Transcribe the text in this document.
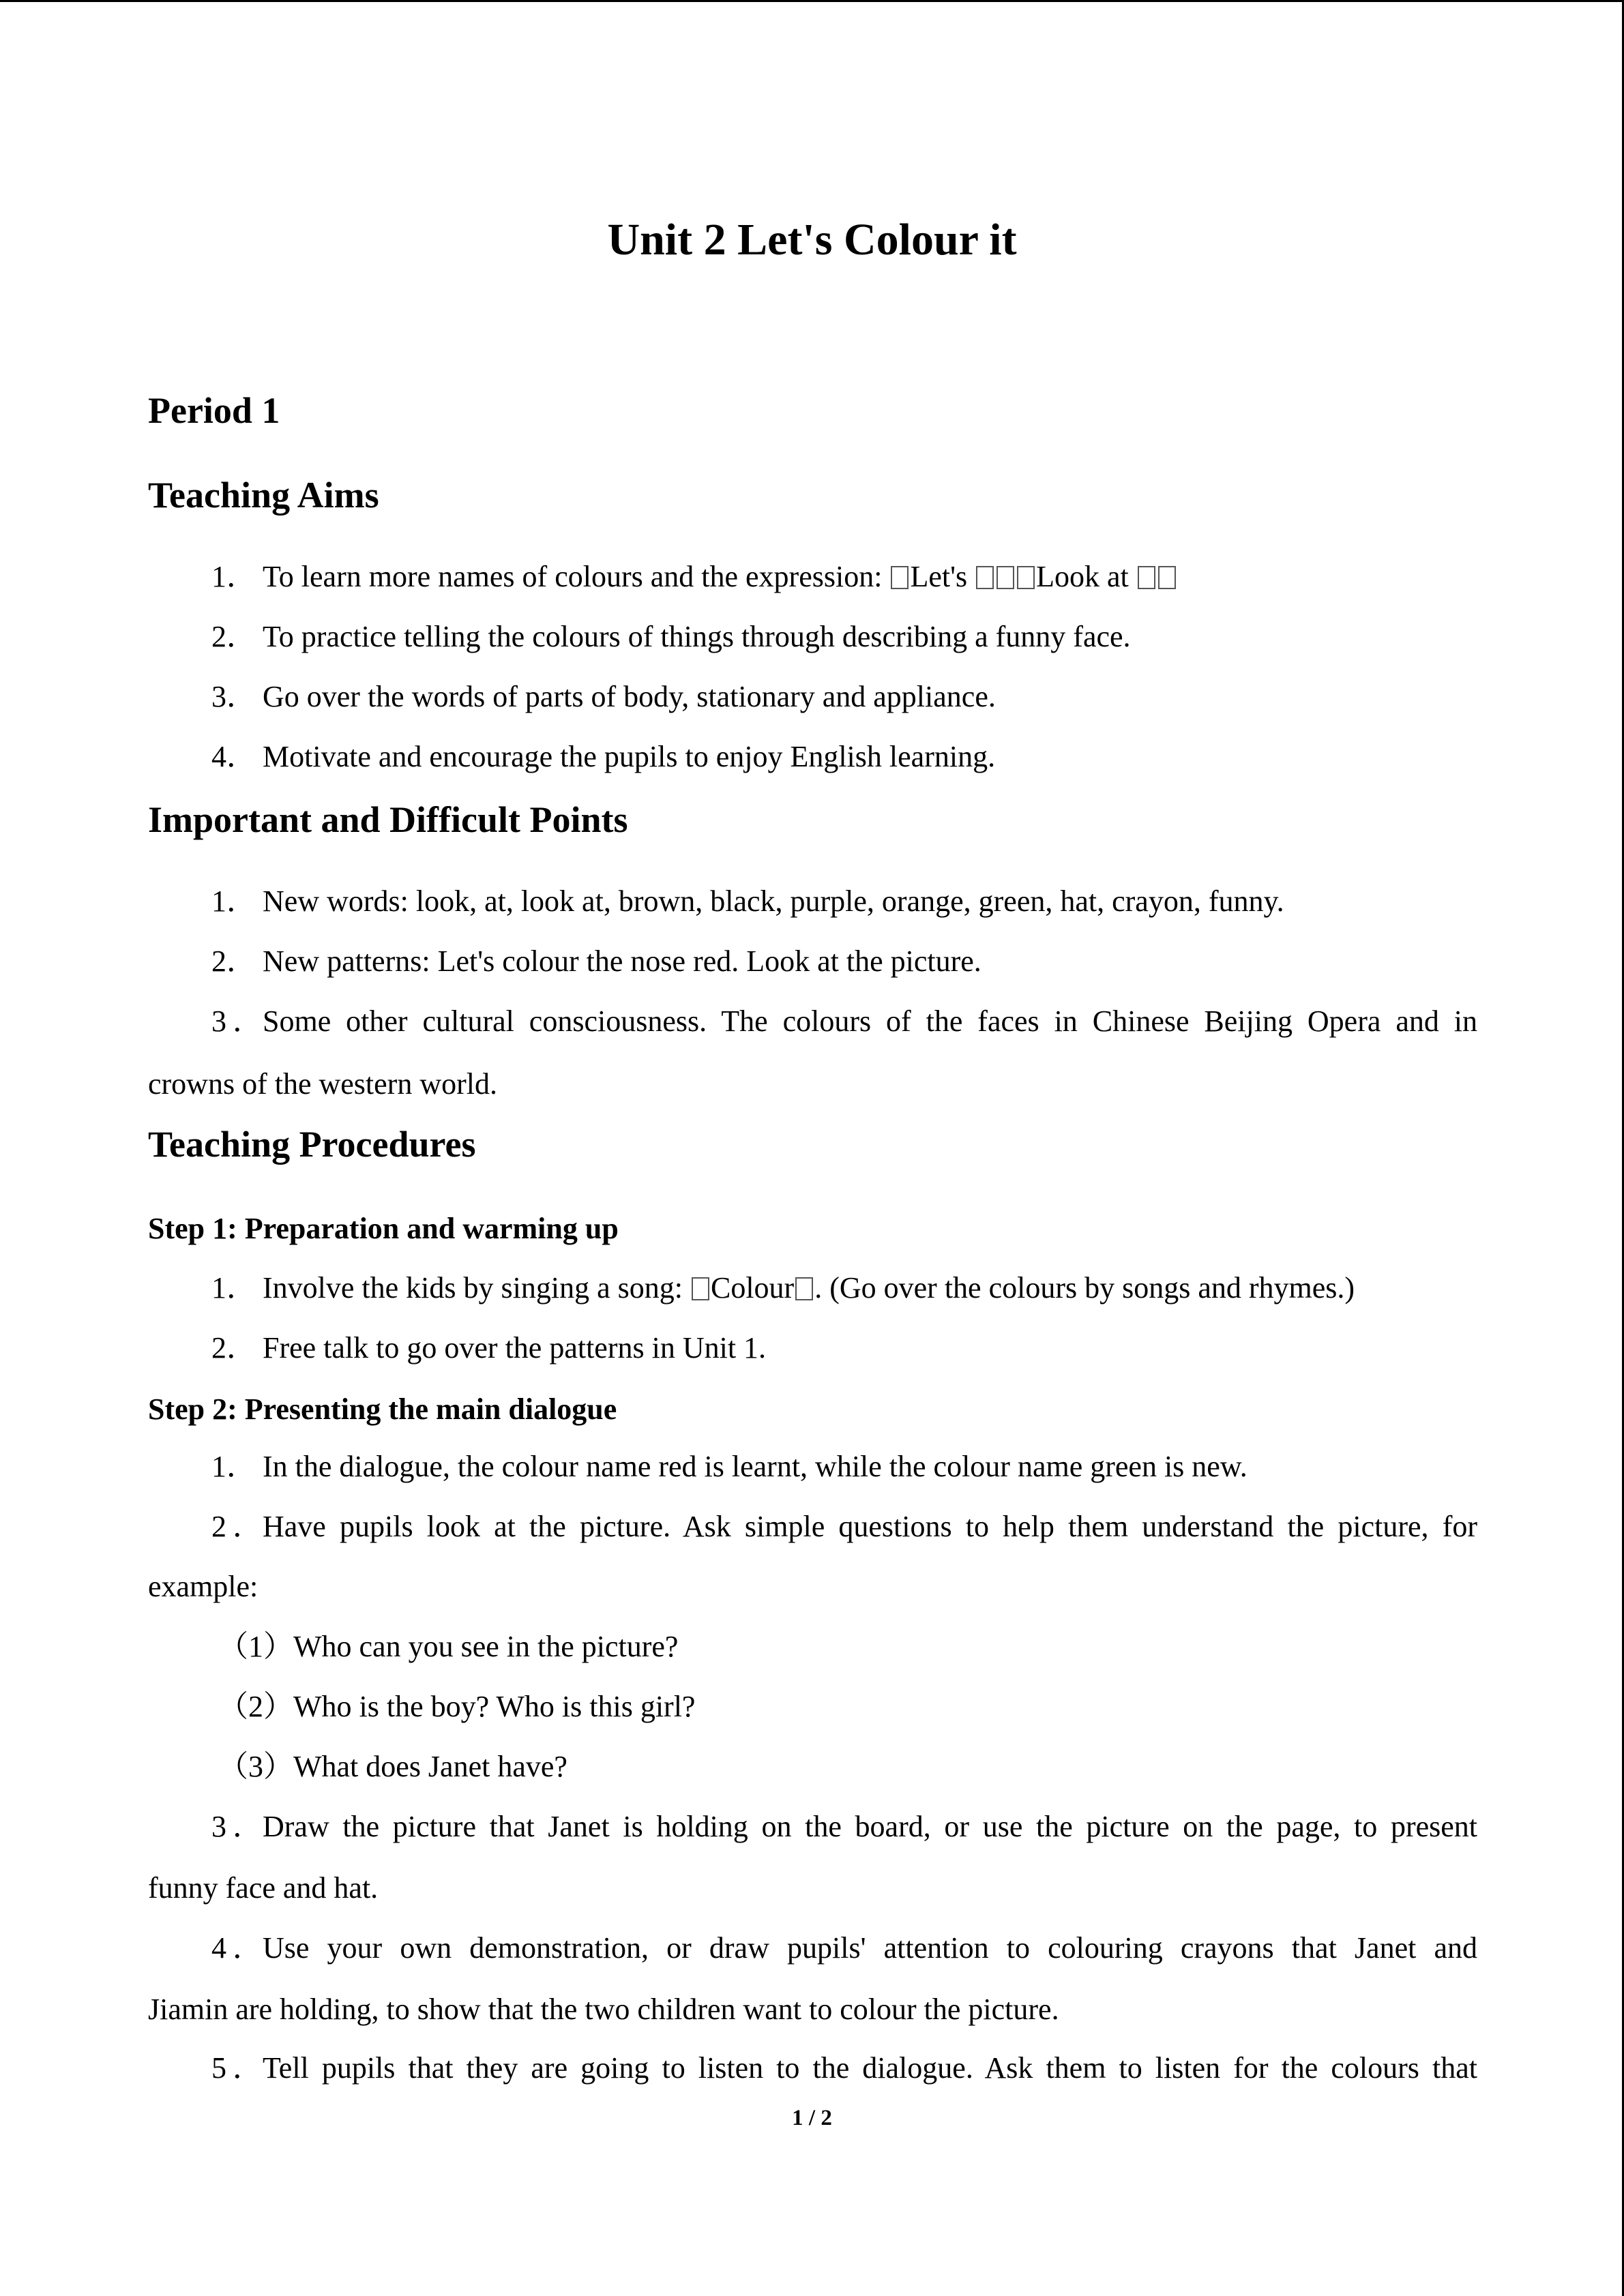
Unit 2 Let's Colour it
Period 1
Teaching Aims
1． To learn more names of colours and the expression: Let's Look at
2． To practice telling the colours of things through describing a funny face.
3． Go over the words of parts of body, stationary and appliance.
4． Motivate and encourage the pupils to enjoy English learning.
Important and Difficult Points
1． New words: look, at, look at, brown, black, purple, orange, green, hat, crayon, funny.
2． New patterns: Let's colour the nose red. Look at the picture.
3．Some other cultural consciousness. The colours of the faces in Chinese Beijing Opera and in
crowns of the western world.
Teaching Procedures
Step 1: Preparation and warming up
1． Involve the kids by singing a song: Colour . (Go over the colours by songs and rhymes.)
2． Free talk to go over the patterns in Unit 1.
Step 2: Presenting the main dialogue
1． In the dialogue, the colour name red is learnt, while the colour name green is new.
2．Have pupils look at the picture. Ask simple questions to help them understand the picture, for
example:
（1）Who can you see in the picture?
（2）Who is the boy? Who is this girl?
（3）What does Janet have?
3．Draw the picture that Janet is holding on the board, or use the picture on the page, to present
funny face and hat.
4．Use your own demonstration, or draw pupils' attention to colouring crayons that Janet and
Jiamin are holding, to show that the two children want to colour the picture.
5．Tell pupils that they are going to listen to the dialogue. Ask them to listen for the colours that
1 / 2
